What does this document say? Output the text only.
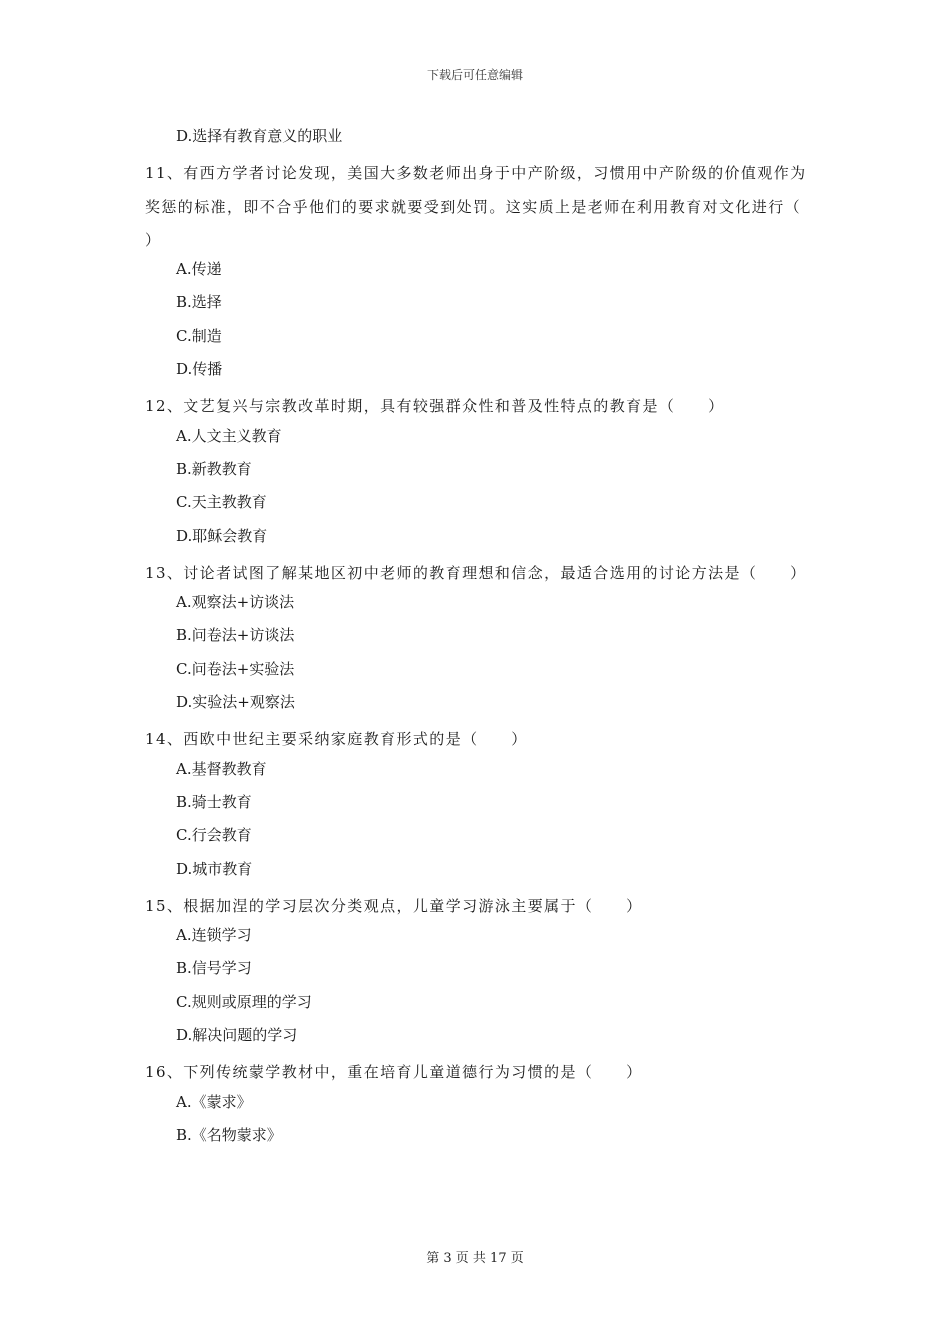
下载后可任意编辑
D.选择有教育意义的职业
11、有西方学者讨论发现，美国大多数老师出身于中产阶级，习惯用中产阶级的价值观作为奖惩的标准，即不合乎他们的要求就要受到处罚。这实质上是老师在利用教育对文化进行（　　）
A.传递
B.选择
C.制造
D.传播
12、文艺复兴与宗教改革时期，具有较强群众性和普及性特点的教育是（　　）
A.人文主义教育
B.新教教育
C.天主教教育
D.耶稣会教育
13、讨论者试图了解某地区初中老师的教育理想和信念，最适合选用的讨论方法是（　　）
A.观察法+访谈法
B.问卷法+访谈法
C.问卷法+实验法
D.实验法+观察法
14、西欧中世纪主要采纳家庭教育形式的是（　　）
A.基督教教育
B.骑士教育
C.行会教育
D.城市教育
15、根据加涅的学习层次分类观点，儿童学习游泳主要属于（　　）
A.连锁学习
B.信号学习
C.规则或原理的学习
D.解决问题的学习
16、下列传统蒙学教材中，重在培育儿童道德行为习惯的是（　　）
A.《蒙求》
B.《名物蒙求》
第 3 页 共 17 页
